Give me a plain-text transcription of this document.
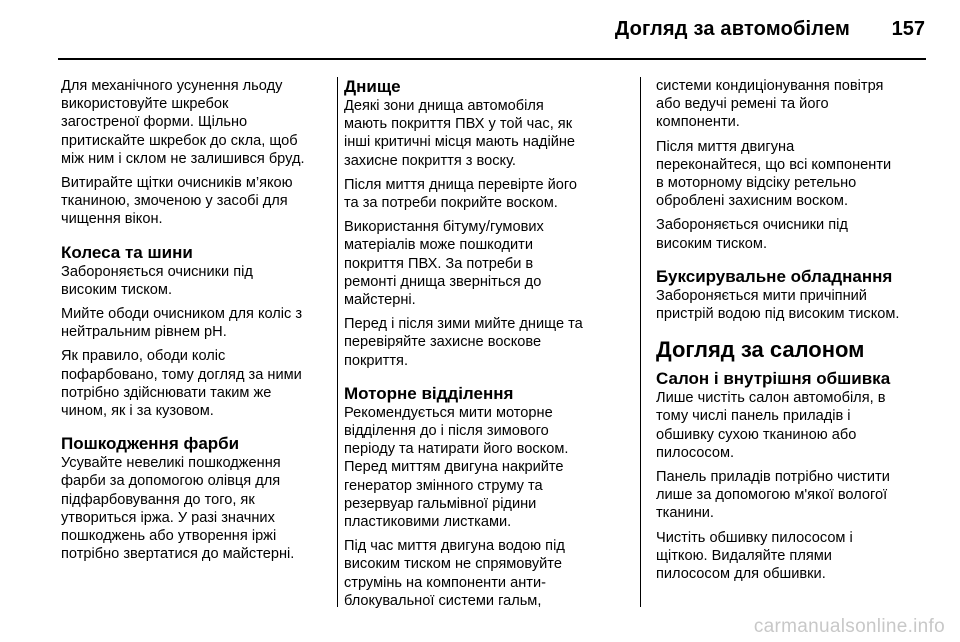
Догляд за автомобілем	157

Для механічного усунення льоду
використовуйте шкребок
загостреної форми. Щільно
притискайте шкребок до скла, щоб
між ним і склом не залишився бруд.

Витирайте щітки очисників м’якою
тканиною, змоченою у засобі для
чищення вікон.

Колеса та шини

Забороняється очисники під
високим тиском.

Мийте ободи очисником для коліс з
нейтральним рівнем pH.

Як правило, ободи коліс
пофарбовано, тому догляд за ними
потрібно здійснювати таким же
чином, як і за кузовом.

Пошкодження фарби

Усувайте невеликі пошкодження
фарби за допомогою олівця для
підфарбовування до того, як
утвориться іржа. У разі значних
пошкоджень або утворення іржі
потрібно звертатися до майстерні.

Днище

Деякі зони днища автомобіля
мають покриття ПВХ у той час, як
інші критичні місця мають надійне
захисне покриття з воску.

Після миття днища перевірте його
та за потреби покрийте воском.

Використання бітуму/гумових
матеріалів може пошкодити
покриття ПВХ. За потреби в
ремонті днища зверніться до
майстерні.

Перед і після зими мийте днище та
перевіряйте захисне воскове
покриття.

Моторне відділення

Рекомендується мити моторне
відділення до і після зимового
періоду та натирати його воском.
Перед миттям двигуна накрийте
генератор змінного струму та
резервуар гальмівної рідини
пластиковими листками.

Під час миття двигуна водою під
високим тиском не спрямовуйте
струмінь на компоненти анти-
блокувальної системи гальм,

системи кондиціонування повітря
або ведучі ремені та його
компоненти.

Після миття двигуна
переконайтеся, що всі компоненти
в моторному відсіку ретельно
оброблені захисним воском.

Забороняється очисники під
високим тиском.

Буксирувальне обладнання

Забороняється мити причіпний
пристрій водою під високим тиском.

Догляд за салоном
Салон і внутрішня обшивка

Лише чистіть салон автомобіля, в
тому числі панель приладів і
обшивку сухою тканиною або
пилососом.

Панель приладів потрібно чистити
лише за допомогою м'якої вологої
тканини.

Чистіть обшивку пилососом і
щіткою. Видаляйте плями
пилососом для обшивки.

carmanualsonline.info
